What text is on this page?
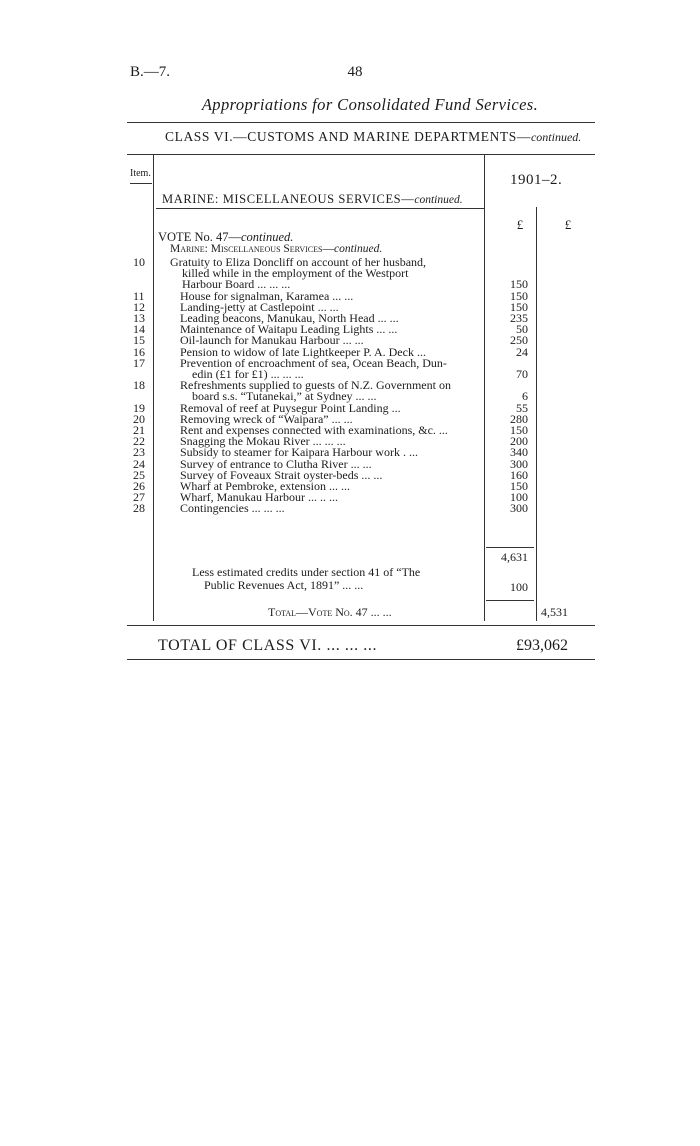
B.—7.	48
Appropriations for Consolidated Fund Services.
CLASS VI.—CUSTOMS AND MARINE DEPARTMENTS—continued.
Item.	1901–2.
MARINE: MISCELLANEOUS SERVICES—continued.
£	£
VOTE No. 47—continued.
Marine: Miscellaneous Services—continued.
10	Gratuity to Eliza Doncliff on account of her husband,
killed while in the employment of the Westport
Harbour Board ... ... ...	150
11	House for signalman, Karamea ... ...	150
12	Landing-jetty at Castlepoint ... ...	150
13	Leading beacons, Manukau, North Head ... ...	235
14	Maintenance of Waitapu Leading Lights ... ...	50
15	Oil-launch for Manukau Harbour ... ...	250
16	Pension to widow of late Lightkeeper P. A. Deck ...	24
17	Prevention of encroachment of sea, Ocean Beach, Dun-
edin (£1 for £1) ... ... ...	70
18	Refreshments supplied to guests of N.Z. Government on
board s.s. “Tutanekai,” at Sydney ... ...	6
19	Removal of reef at Puysegur Point Landing ...	55
20	Removing wreck of “Waipara” ... ...	280
21	Rent and expenses connected with examinations, &c. ...	150
22	Snagging the Mokau River ... ... ...	200
23	Subsidy to steamer for Kaipara Harbour work . ...	340
24	Survey of entrance to Clutha River ... ...	300
25	Survey of Foveaux Strait oyster-beds ... ...	160
26	Wharf at Pembroke, extension ... ...	150
27	Wharf, Manukau Harbour ... .. ...	100
28	Contingencies ... ... ...	300
4,631
Less estimated credits under section 41 of “The
Public Revenues Act, 1891” ... ...	100
Total—Vote No. 47 ... ...	4,531
TOTAL OF CLASS VI. ... ... ...	£93,062
